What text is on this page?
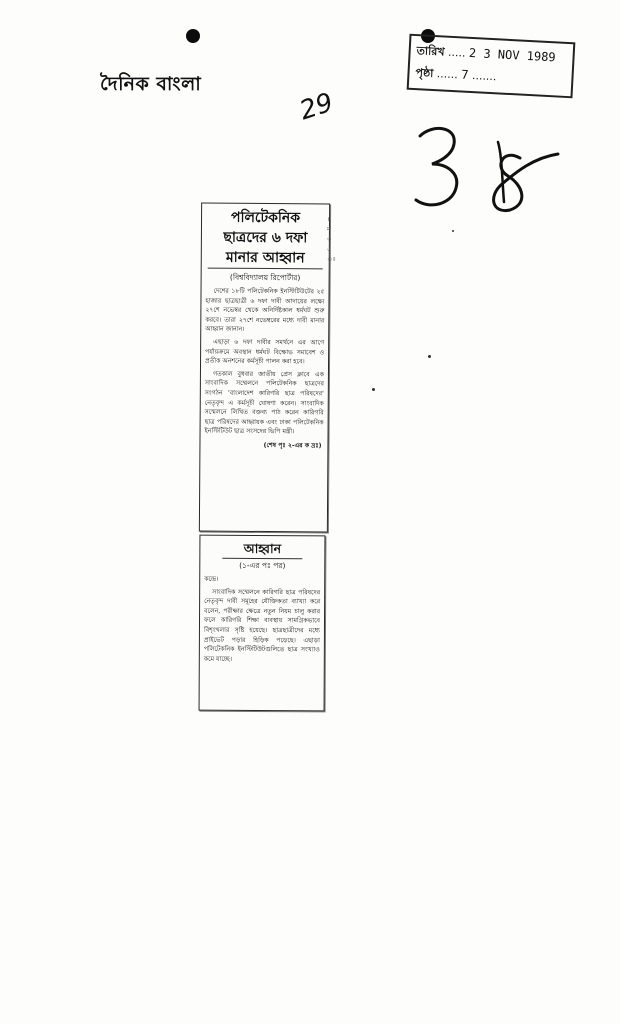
দৈনিক বাংলা
তারিখ ..... 2 3 NOV 1989
পৃষ্ঠা ...... 7 .......
29
পলিটেকনিক
ছাত্রদের ৬ দফা
মানার আহ্বান
(বিশ্ববিদ্যালয় রিপোর্টার)

দেশের ১৮টি পলিটেকনিক ইনস্টিটিউটের ২৫ হাজার ছাত্রছাত্রী ৬ দফা দাবী আদায়ের লক্ষ্যে ২৭শে নভেম্বর থেকে অনির্দিষ্টকাল ধর্মঘট শুরু করবে। তারা ২৭শে নভেম্বরের মধ্যে দাবী মানার আহ্বান জানান।

এছাড়া ৬ দফা দাবীর সমর্থনে এর আগে পর্যায়ক্রমে অবস্থান ধর্মঘট বিক্ষোভ সমাবেশ ও প্রতীক অনশনের কর্মসূচী পালন করা হবে।

গতকাল বুধবার জাতীয় প্রেস ক্লাবে এক সাংবাদিক সম্মেলনে পলিটেকনিক ছাত্রদের সংগঠন 'বাংলাদেশ কারিগরি ছাত্র পরিষদের' নেতৃবৃন্দ এ কর্মসূচী ঘোষণা করেন। সাংবাদিক সম্মেলনে লিখিত বক্তব্য পাঠ করেন কারিগরি ছাত্র পরিষদের আহ্বায়ক এবং ঢাকা পলিটেকনিক ইনস্টিটিউট ছাত্র সংসদের ভিপি মন্ত্রী।

(শেষ পৃঃ ২-এর ক দ্রঃ)
।
ম
৩
৫
ঃ
আহ্বান
(১-এর পঃ পর)

কন্দ্রে।

সাংবাদিক সম্মেলনে কারিগরি ছাত্র পরিষদের নেতৃবৃন্দ দাবী সমূহের যৌক্তিকতা ব্যাখ্যা করে বলেন, পরীক্ষার ক্ষেত্রে নতুন নিয়ম চালু করার ফলে কারিগরি শিক্ষা ব্যবস্থায় সামগ্রিকভাবে বিশৃংখলার সৃষ্টি হয়েছে। ছাত্রছাত্রীদের মধ্যে প্রাইভেট পড়ার হিড়িক পড়েছে। এছাড়া পলিটেকনিক ইনস্টিটিউটগুলিতে ছাত্র সংখ্যাও কমে যাচ্ছে।
